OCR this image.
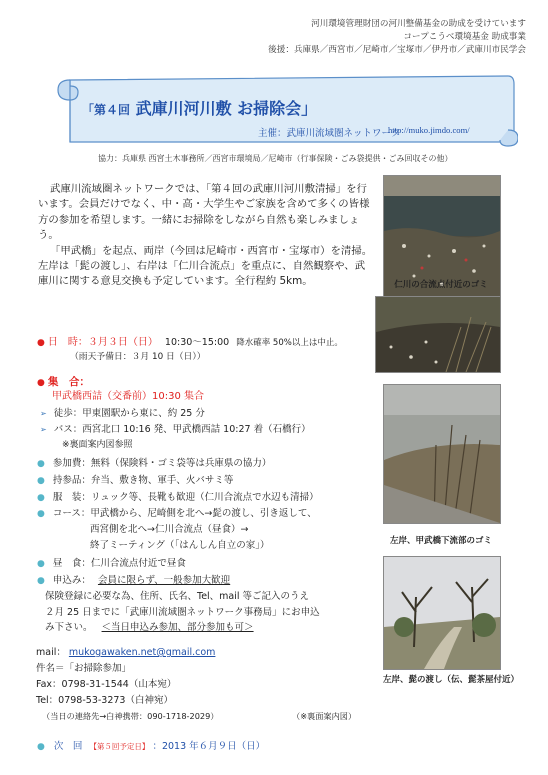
河川環境管理財団の河川整備基金の助成を受けています
コープこうべ環境基金 助成事業
後援：兵庫県／西宮市／尼崎市／宝塚市／伊丹市／武庫川市民学会
「第４回 武庫川河川敷 お掃除会」
主催：武庫川流域圏ネットワーク
http://muko.jimdo.com/
協力：兵庫県 西宮土木事務所／西宮市環境局／尼崎市（行事保険・ごみ袋提供・ごみ回収その他）

武庫川流域圏ネットワークでは、「第４回の武庫川河川敷清掃」を行います。会員だけでなく、中・高・大学生やご家族を含めて多くの皆様方の参加を希望します。一緒にお掃除をしながら自然も楽しみましょう。

「甲武橋」を起点、両岸（今回は尼崎市・西宮市・宝塚市）を清掃。左岸は「髭の渡し」、右岸は「仁川合流点」を重点に、自然観察や、武庫川に関する意見交換も予定しています。全行程約 5km。	仁川の合流点付近のゴミ
左岸、甲武橋下流部のゴミ
左岸、髭の渡し（伝、髭茶屋付近）
● 日　時：３月３日（日） 10:30～15:00 降水確率 50%以上は中止。
（雨天予備日：３月 10 日（日））
● 集　合：
甲武橋西詰（交番前）10:30 集合
➢ 徒歩：甲東園駅から東に、約 25 分
➢ バス：西宮北口 10:16 発、甲武橋西詰 10:27 着（石橋行）
※裏面案内図参照
● 参加費：無料（保険料・ゴミ袋等は兵庫県の協力）
● 持参品：弁当、敷き物、軍手、火バサミ等
● 服　装：リュック等、長靴も歓迎（仁川合流点で水辺も清掃）
● コース：甲武橋から、尼崎側を北へ→髭の渡し、引き返して、
西宮側を北へ→仁川合流点（昼食）→
終了ミーティング（「はんしん自立の家」）
● 昼　食：仁川合流点付近で昼食
● 申込み： 会員に限らず、一般参加大歓迎
保険登録に必要な為、住所、氏名、Tel、mail 等ご記入のうえ
２月 25 日までに「武庫川流域圏ネットワーク事務局」にお申込
み下さい。 ＜当日申込み参加、部分参加も可＞
mail： mukogawaken.net@gmail.com
件名＝「お掃除参加」
Fax：0798-31-1544（山本宛）
Tel：0798-53-3273（白神宛）
（当日の連絡先→白神携帯：090-1718-2029）	（※裏面案内図）
● 次　回 【第５回予定日】 ：2013 年６月９日（日）
